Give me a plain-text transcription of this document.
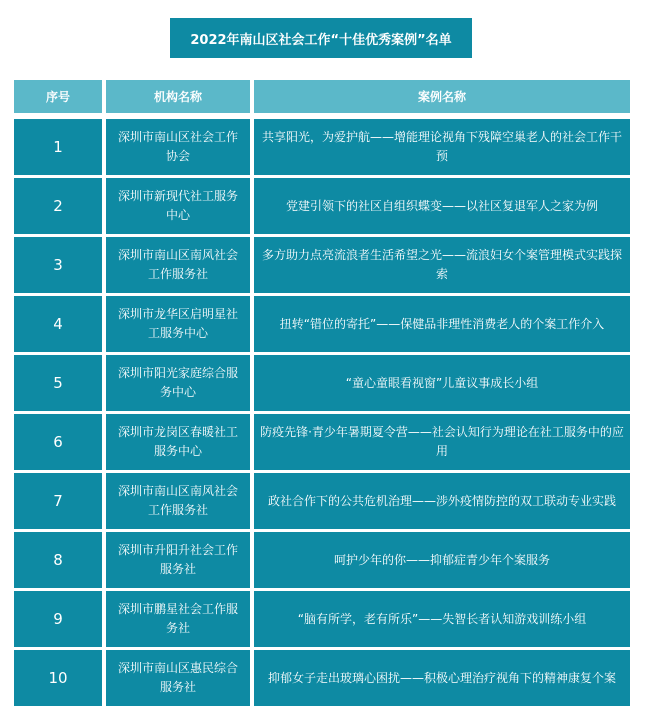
2022年南山区社会工作“十佳优秀案例”名单
序号	机构名称	案例名称
1
深圳市南山区社会工作协会
共享阳光，为爱护航——增能理论视角下残障空巢老人的社会工作干预
2
深圳市新现代社工服务中心
党建引领下的社区自组织蝶变——以社区复退军人之家为例
3
深圳市南山区南风社会工作服务社
多方助力点亮流浪者生活希望之光——流浪妇女个案管理模式实践探索
4
深圳市龙华区启明星社工服务中心
扭转“错位的寄托”——保健品非理性消费老人的个案工作介入
5
深圳市阳光家庭综合服务中心
“童心童眼看视窗”儿童议事成长小组
6
深圳市龙岗区春暖社工服务中心
防疫先锋·青少年暑期夏令营——社会认知行为理论在社工服务中的应用
7
深圳市南山区南风社会工作服务社
政社合作下的公共危机治理——涉外疫情防控的双工联动专业实践
8
深圳市升阳升社会工作服务社
呵护少年的你——抑郁症青少年个案服务
9
深圳市鹏星社会工作服务社
“脑有所学，老有所乐”——失智长者认知游戏训练小组
10
深圳市南山区惠民综合服务社
抑郁女子走出玻璃心困扰——积极心理治疗视角下的精神康复个案
